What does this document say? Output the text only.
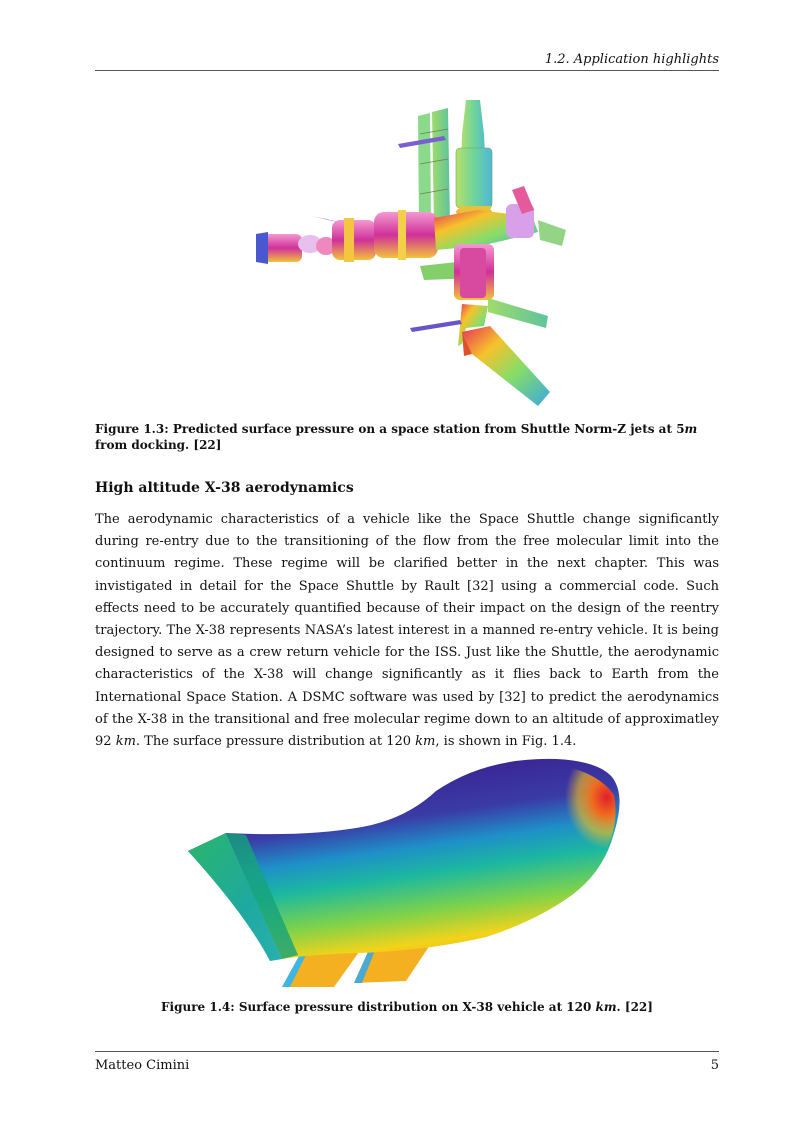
1.2. Application highlights
Figure 1.3: Predicted surface pressure on a space station from Shuttle Norm-Z jets at 5m from docking. [22]
High altitude X-38 aerodynamics

The aerodynamic characteristics of a vehicle like the Space Shuttle change significantly during re-entry due to the transitioning of the flow from the free molecular limit into the continuum regime. These regime will be clarified better in the next chapter. This was invistigated in detail for the Space Shuttle by Rault [32] using a commercial code. Such effects need to be accurately quantified because of their impact on the design of the reentry trajectory. The X-38 represents NASA’s latest interest in a manned re-entry vehicle. It is being designed to serve as a crew return vehicle for the ISS. Just like the Shuttle, the aerodynamic characteristics of the X-38 will change significantly as it flies back to Earth from the International Space Station. A DSMC software was used by [32] to predict the aerodynamics of the X-38 in the transitional and free molecular regime down to an altitude of approximatley 92 km. The surface pressure distribution at 120 km, is shown in Fig. 1.4.

Figure 1.4: Surface pressure distribution on X-38 vehicle at 120 km. [22]
Matteo Cimini	5
